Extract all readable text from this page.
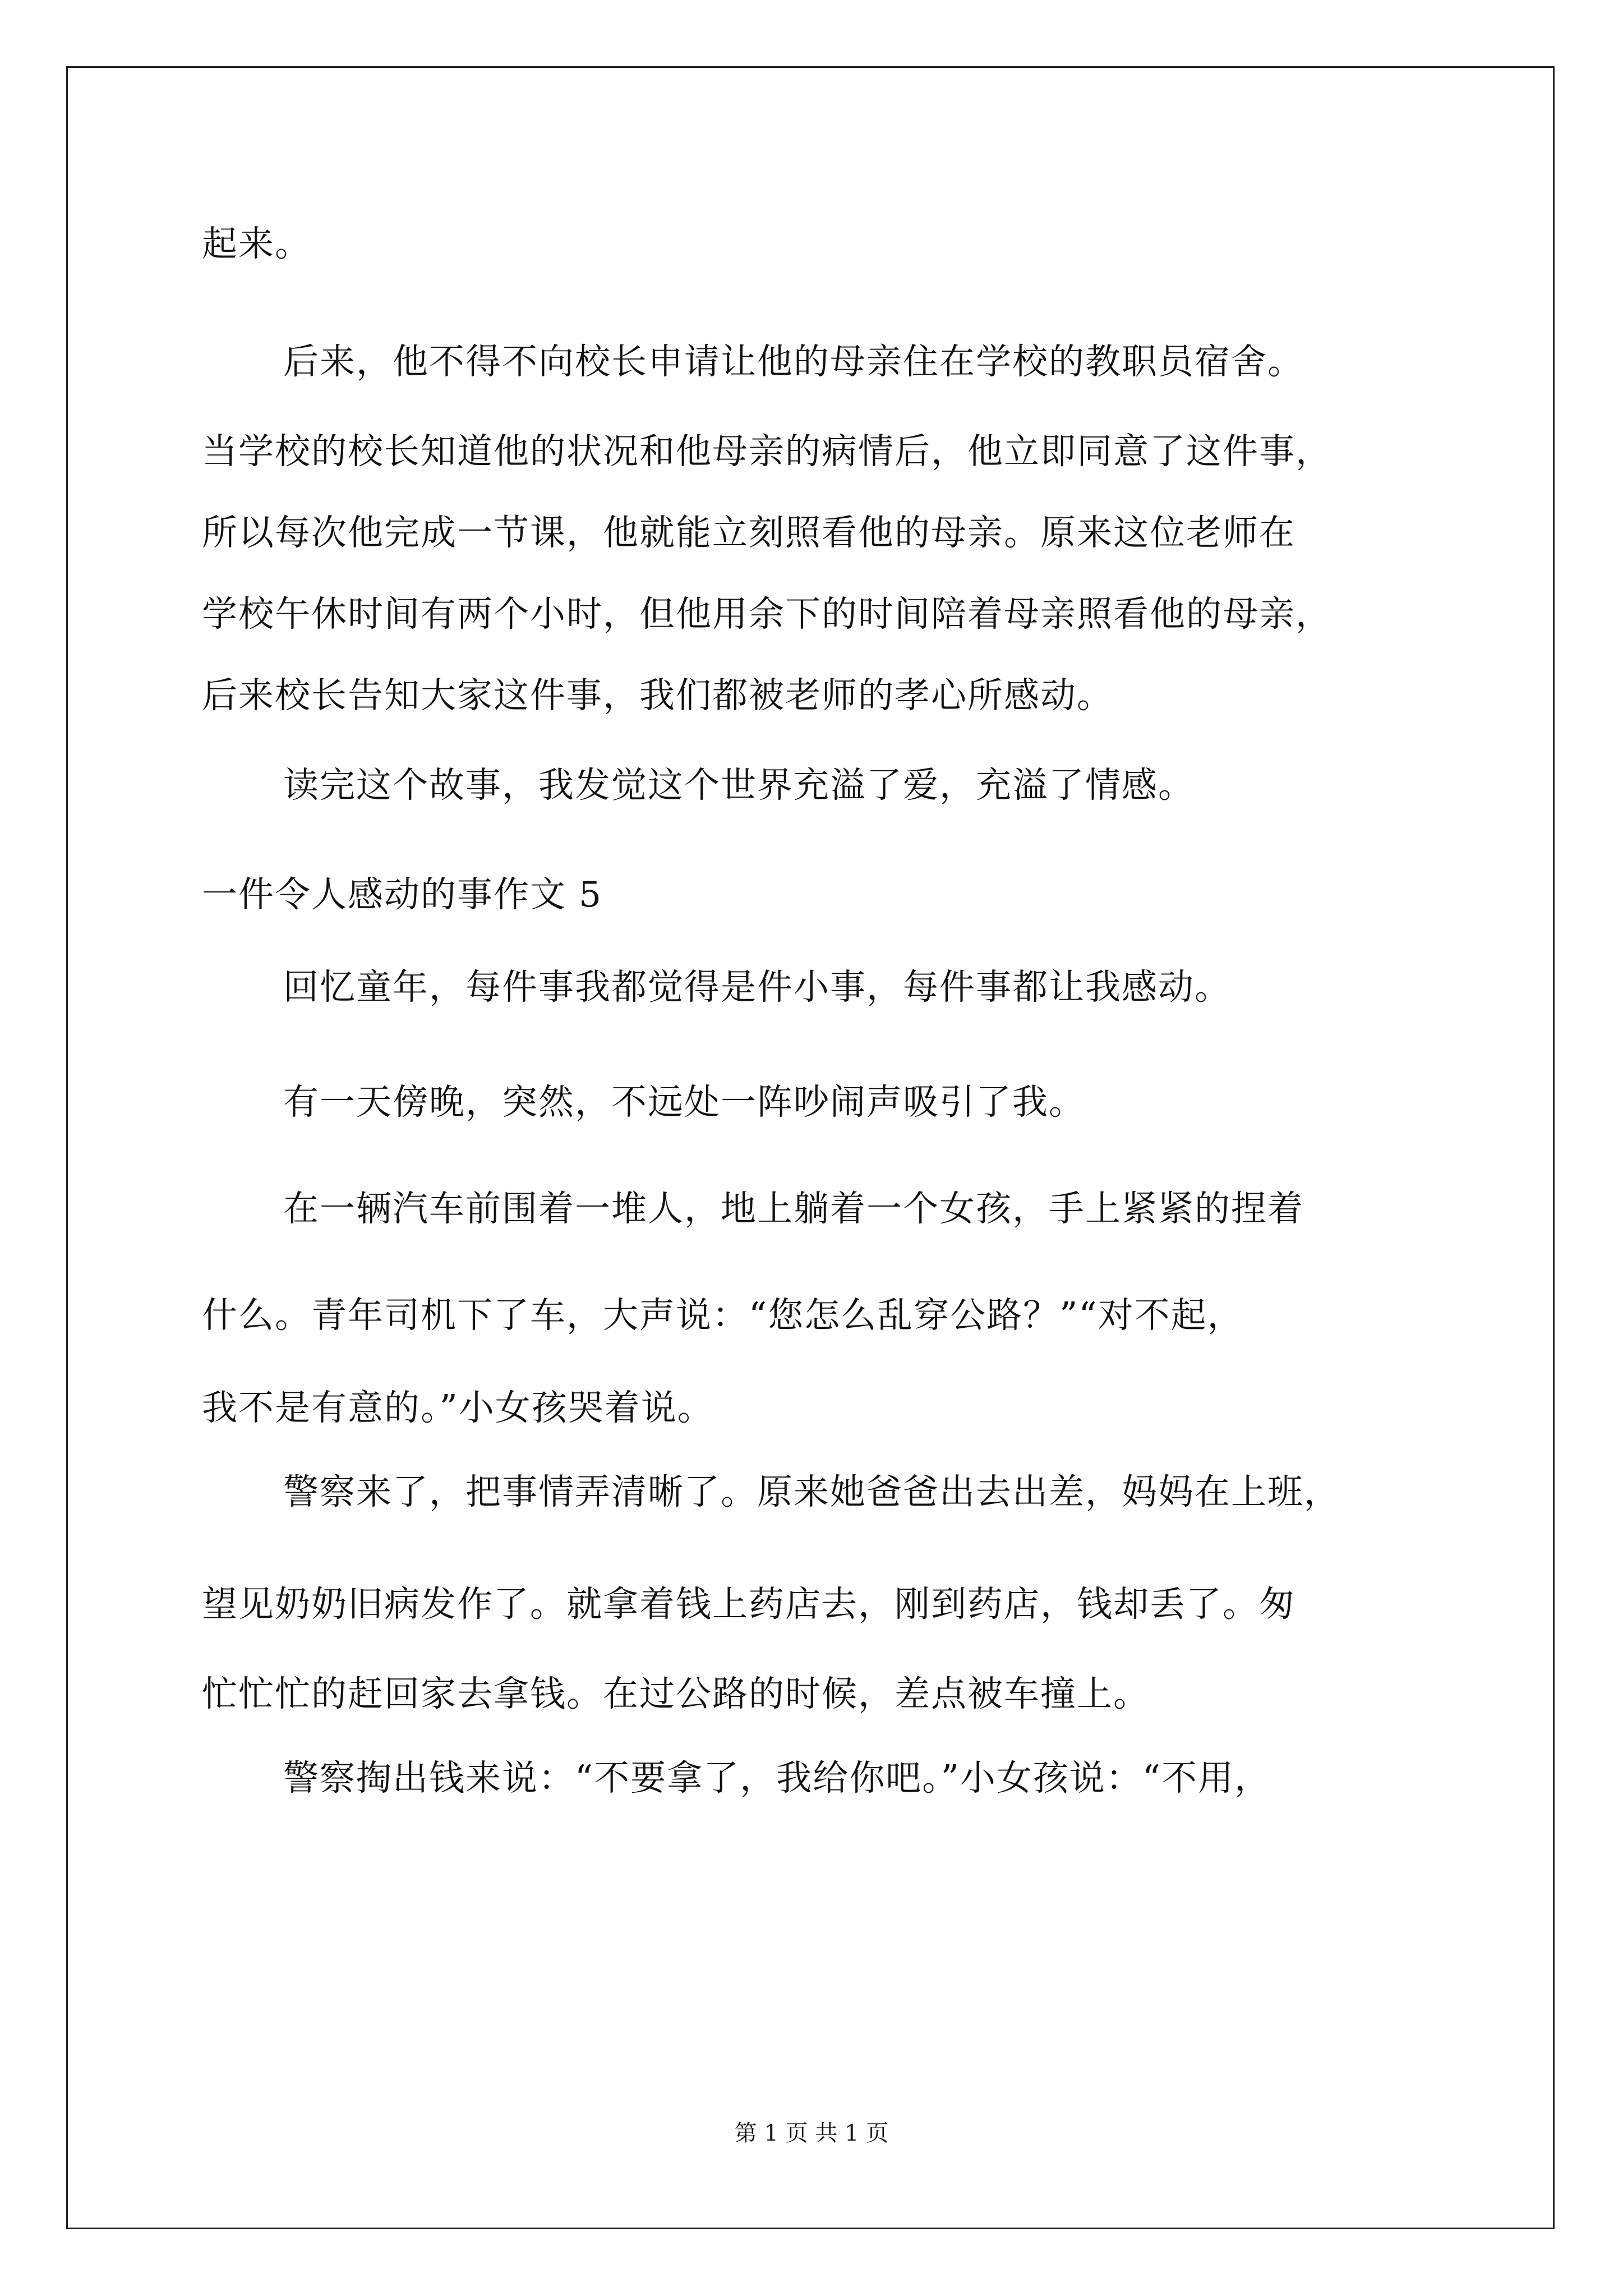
起来。
后来，他不得不向校长申请让他的母亲住在学校的教职员宿舍。
当学校的校长知道他的状况和他母亲的病情后，他立即同意了这件事，
所以每次他完成一节课，他就能立刻照看他的母亲。原来这位老师在
学校午休时间有两个小时，但他用余下的时间陪着母亲照看他的母亲，
后来校长告知大家这件事，我们都被老师的孝心所感动。
读完这个故事，我发觉这个世界充溢了爱，充溢了情感。
一件令人感动的事作文 5
回忆童年，每件事我都觉得是件小事，每件事都让我感动。
有一天傍晚，突然，不远处一阵吵闹声吸引了我。
在一辆汽车前围着一堆人，地上躺着一个女孩，手上紧紧的捏着
什么。青年司机下了车，大声说：“您怎么乱穿公路？”“对不起，
我不是有意的。”小女孩哭着说。
警察来了，把事情弄清晰了。原来她爸爸出去出差，妈妈在上班，
望见奶奶旧病发作了。就拿着钱上药店去，刚到药店，钱却丢了。匆
忙忙忙的赶回家去拿钱。在过公路的时候，差点被车撞上。
警察掏出钱来说：“不要拿了，我给你吧。”小女孩说：“不用，
第 1 页 共 1 页
